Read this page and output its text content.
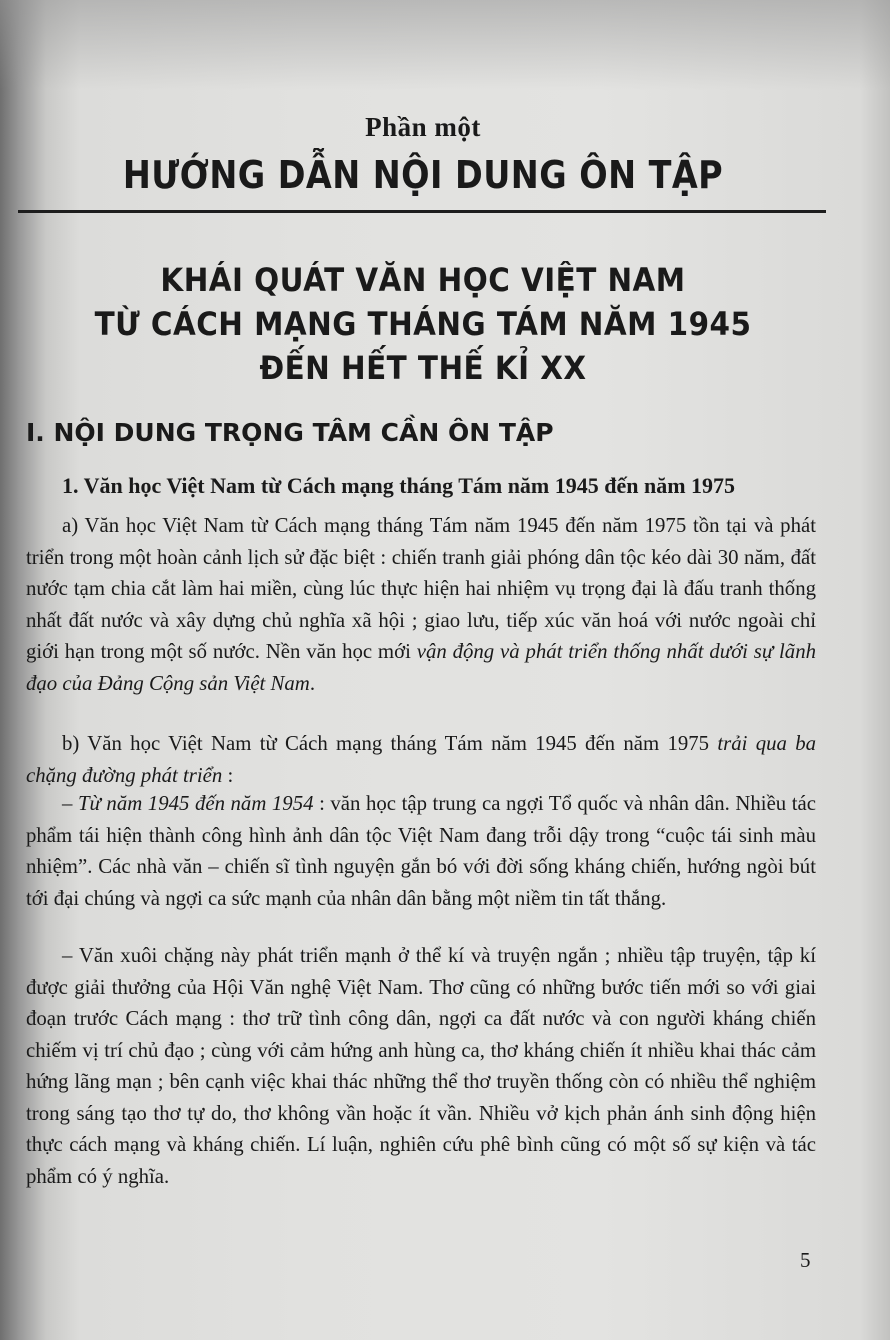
Phần một
HƯỚNG DẪN NỘI DUNG ÔN TẬP
KHÁI QUÁT VĂN HỌC VIỆT NAM
TỪ CÁCH MẠNG THÁNG TÁM NĂM 1945
ĐẾN HẾT THẾ KỈ XX
I. NỘI DUNG TRỌNG TÂM CẦN ÔN TẬP
1. Văn học Việt Nam từ Cách mạng tháng Tám năm 1945 đến năm 1975
a) Văn học Việt Nam từ Cách mạng tháng Tám năm 1945 đến năm 1975 tồn tại và phát triển trong một hoàn cảnh lịch sử đặc biệt : chiến tranh giải phóng dân tộc kéo dài 30 năm, đất nước tạm chia cắt làm hai miền, cùng lúc thực hiện hai nhiệm vụ trọng đại là đấu tranh thống nhất đất nước và xây dựng chủ nghĩa xã hội ; giao lưu, tiếp xúc văn hoá với nước ngoài chỉ giới hạn trong một số nước. Nền văn học mới vận động và phát triển thống nhất dưới sự lãnh đạo của Đảng Cộng sản Việt Nam.
b) Văn học Việt Nam từ Cách mạng tháng Tám năm 1945 đến năm 1975 trải qua ba chặng đường phát triển :
– Từ năm 1945 đến năm 1954 : văn học tập trung ca ngợi Tổ quốc và nhân dân. Nhiều tác phẩm tái hiện thành công hình ảnh dân tộc Việt Nam đang trỗi dậy trong “cuộc tái sinh màu nhiệm”. Các nhà văn – chiến sĩ tình nguyện gắn bó với đời sống kháng chiến, hướng ngòi bút tới đại chúng và ngợi ca sức mạnh của nhân dân bằng một niềm tin tất thắng.
– Văn xuôi chặng này phát triển mạnh ở thể kí và truyện ngắn ; nhiều tập truyện, tập kí được giải thưởng của Hội Văn nghệ Việt Nam. Thơ cũng có những bước tiến mới so với giai đoạn trước Cách mạng : thơ trữ tình công dân, ngợi ca đất nước và con người kháng chiến chiếm vị trí chủ đạo ; cùng với cảm hứng anh hùng ca, thơ kháng chiến ít nhiều khai thác cảm hứng lãng mạn ; bên cạnh việc khai thác những thể thơ truyền thống còn có nhiều thể nghiệm trong sáng tạo thơ tự do, thơ không vần hoặc ít vần. Nhiều vở kịch phản ánh sinh động hiện thực cách mạng và kháng chiến. Lí luận, nghiên cứu phê bình cũng có một số sự kiện và tác phẩm có ý nghĩa.
5
